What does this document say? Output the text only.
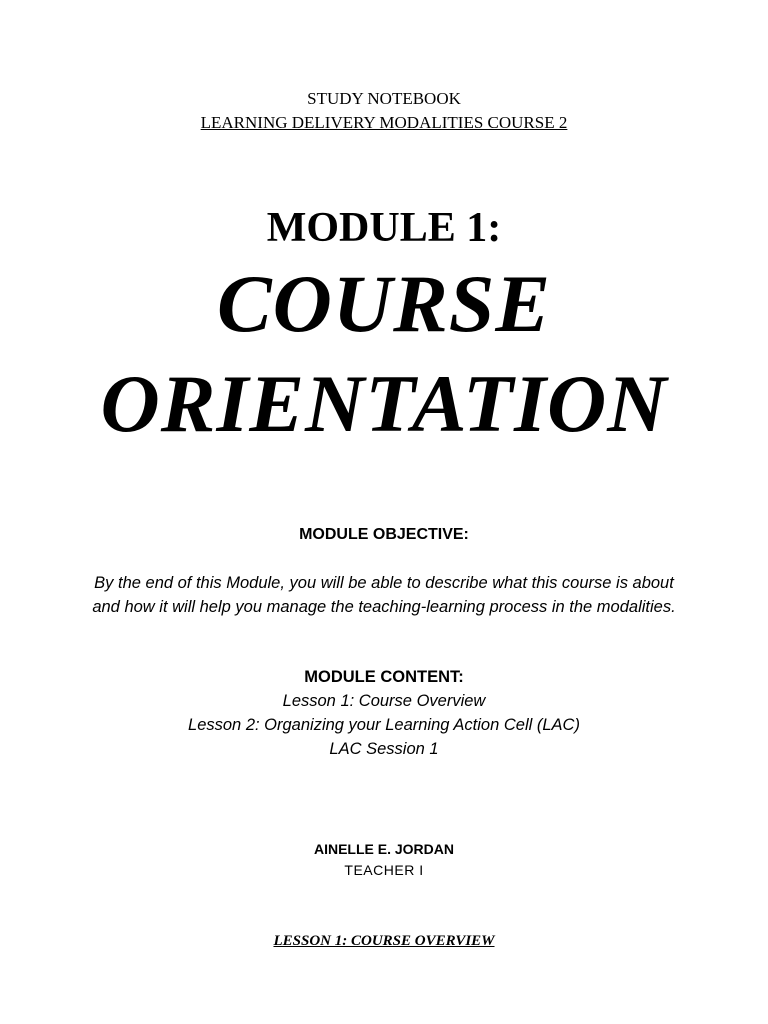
STUDY NOTEBOOK

LEARNING DELIVERY MODALITIES COURSE 2

MODULE 1:
COURSE
ORIENTATION

MODULE OBJECTIVE:

By the end of this Module, you will be able to describe what this course is about

and how it will help you manage the teaching-learning process in the modalities.

MODULE CONTENT:

Lesson 1: Course Overview

Lesson 2: Organizing your Learning Action Cell (LAC)

LAC Session 1

AINELLE E. JORDAN

TEACHER I

LESSON 1: COURSE OVERVIEW
